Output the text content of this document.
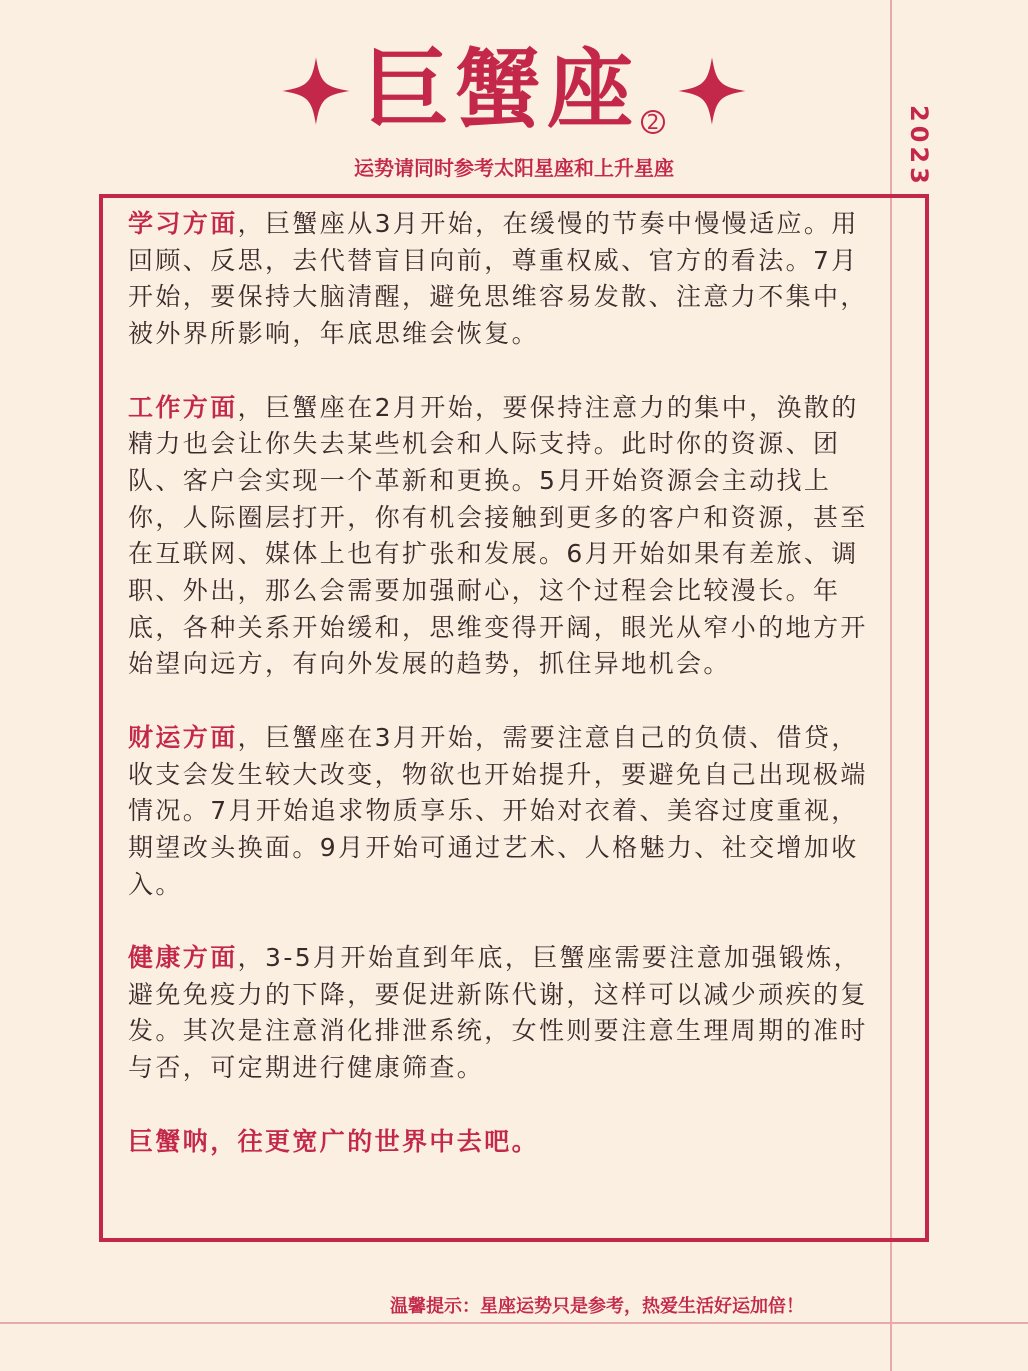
2023
巨蟹座 2
运势请同时参考太阳星座和上升星座

学习方面，巨蟹座从3月开始，在缓慢的节奏中慢慢适应。用回顾、反思，去代替盲目向前，尊重权威、官方的看法。7月开始，要保持大脑清醒，避免思维容易发散、注意力不集中，被外界所影响，年底思维会恢复。

工作方面，巨蟹座在2月开始，要保持注意力的集中，涣散的精力也会让你失去某些机会和人际支持。此时你的资源、团队、客户会实现一个革新和更换。5月开始资源会主动找上你，人际圈层打开，你有机会接触到更多的客户和资源，甚至在互联网、媒体上也有扩张和发展。6月开始如果有差旅、调职、外出，那么会需要加强耐心，这个过程会比较漫长。年底，各种关系开始缓和，思维变得开阔，眼光从窄小的地方开始望向远方，有向外发展的趋势，抓住异地机会。

财运方面，巨蟹座在3月开始，需要注意自己的负债、借贷，收支会发生较大改变，物欲也开始提升，要避免自己出现极端情况。7月开始追求物质享乐、开始对衣着、美容过度重视，期望改头换面。9月开始可通过艺术、人格魅力、社交增加收入。

健康方面，3-5月开始直到年底，巨蟹座需要注意加强锻炼，避免免疫力的下降，要促进新陈代谢，这样可以减少顽疾的复发。其次是注意消化排泄系统，女性则要注意生理周期的准时与否，可定期进行健康筛查。

巨蟹呐，往更宽广的世界中去吧。

温馨提示：星座运势只是参考，热爱生活好运加倍！
